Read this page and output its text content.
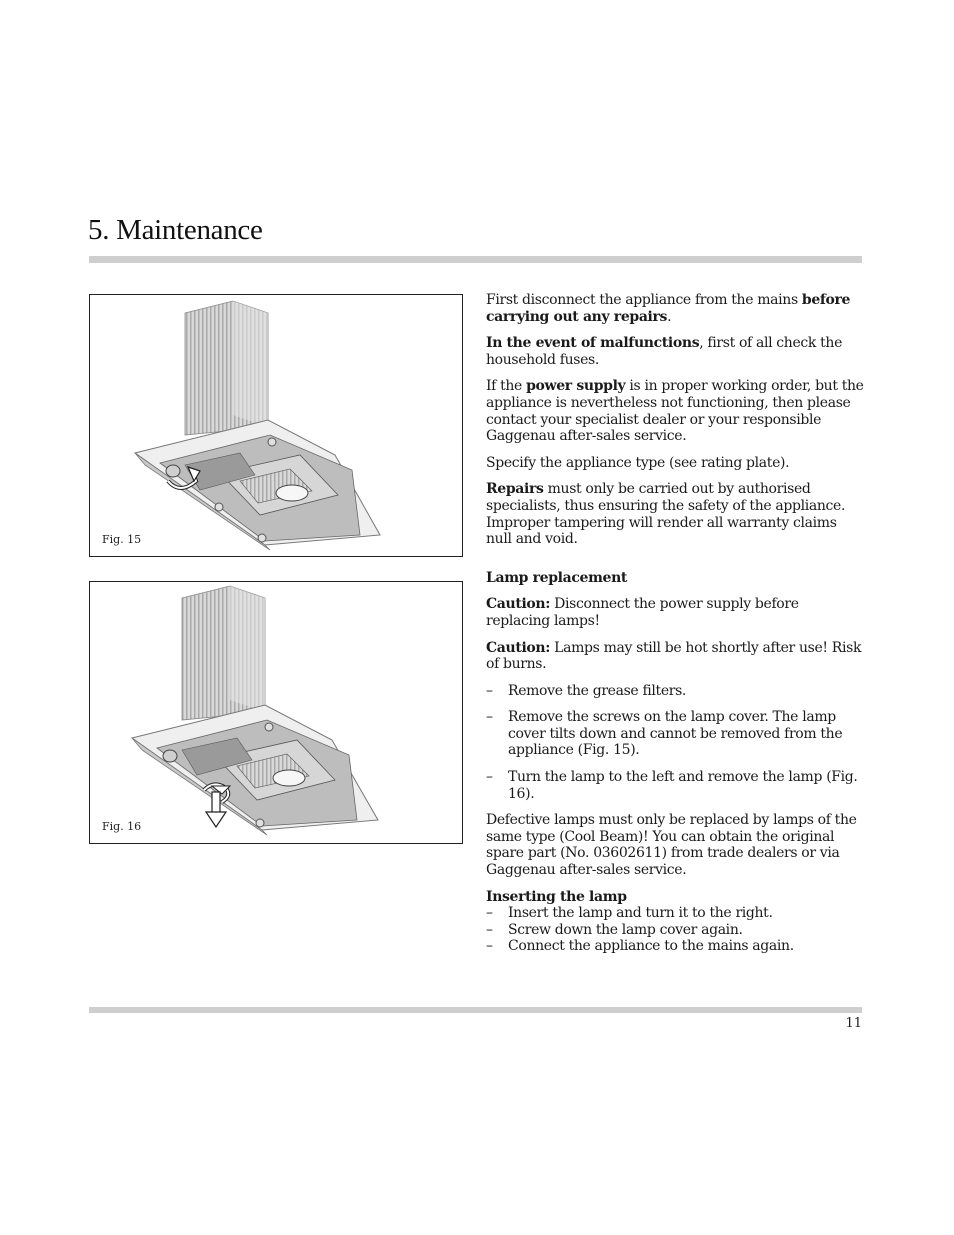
5. Maintenance
Fig. 15
Fig. 16

First disconnect the appliance from the mains before carrying out any repairs.

In the event of malfunctions, first of all check the household fuses.

If the power supply is in proper working order, but the appliance is nevertheless not functioning, then please contact your specialist dealer or your responsible Gaggenau after-sales service.

Specify the appliance type (see rating plate).

Repairs must only be carried out by authorised specialists, thus ensuring the safety of the appliance. Improper tampering will render all warranty claims null and void.

Lamp replacement

Caution: Disconnect the power supply before replacing lamps!

Caution: Lamps may still be hot shortly after use! Risk of burns.

–	Remove the grease filters.
–	Remove the screws on the lamp cover. The lamp cover tilts down and cannot be removed from the appliance (Fig. 15).
–	Turn the lamp to the left and remove the lamp (Fig. 16).

Defective lamps must only be replaced by lamps of the same type (Cool Beam)! You can obtain the original spare part (No. 03602611) from trade dealers or via Gaggenau after-sales service.

Inserting the lamp

–	Insert the lamp and turn it to the right.
–	Screw down the lamp cover again.
–	Connect the appliance to the mains again.
11
